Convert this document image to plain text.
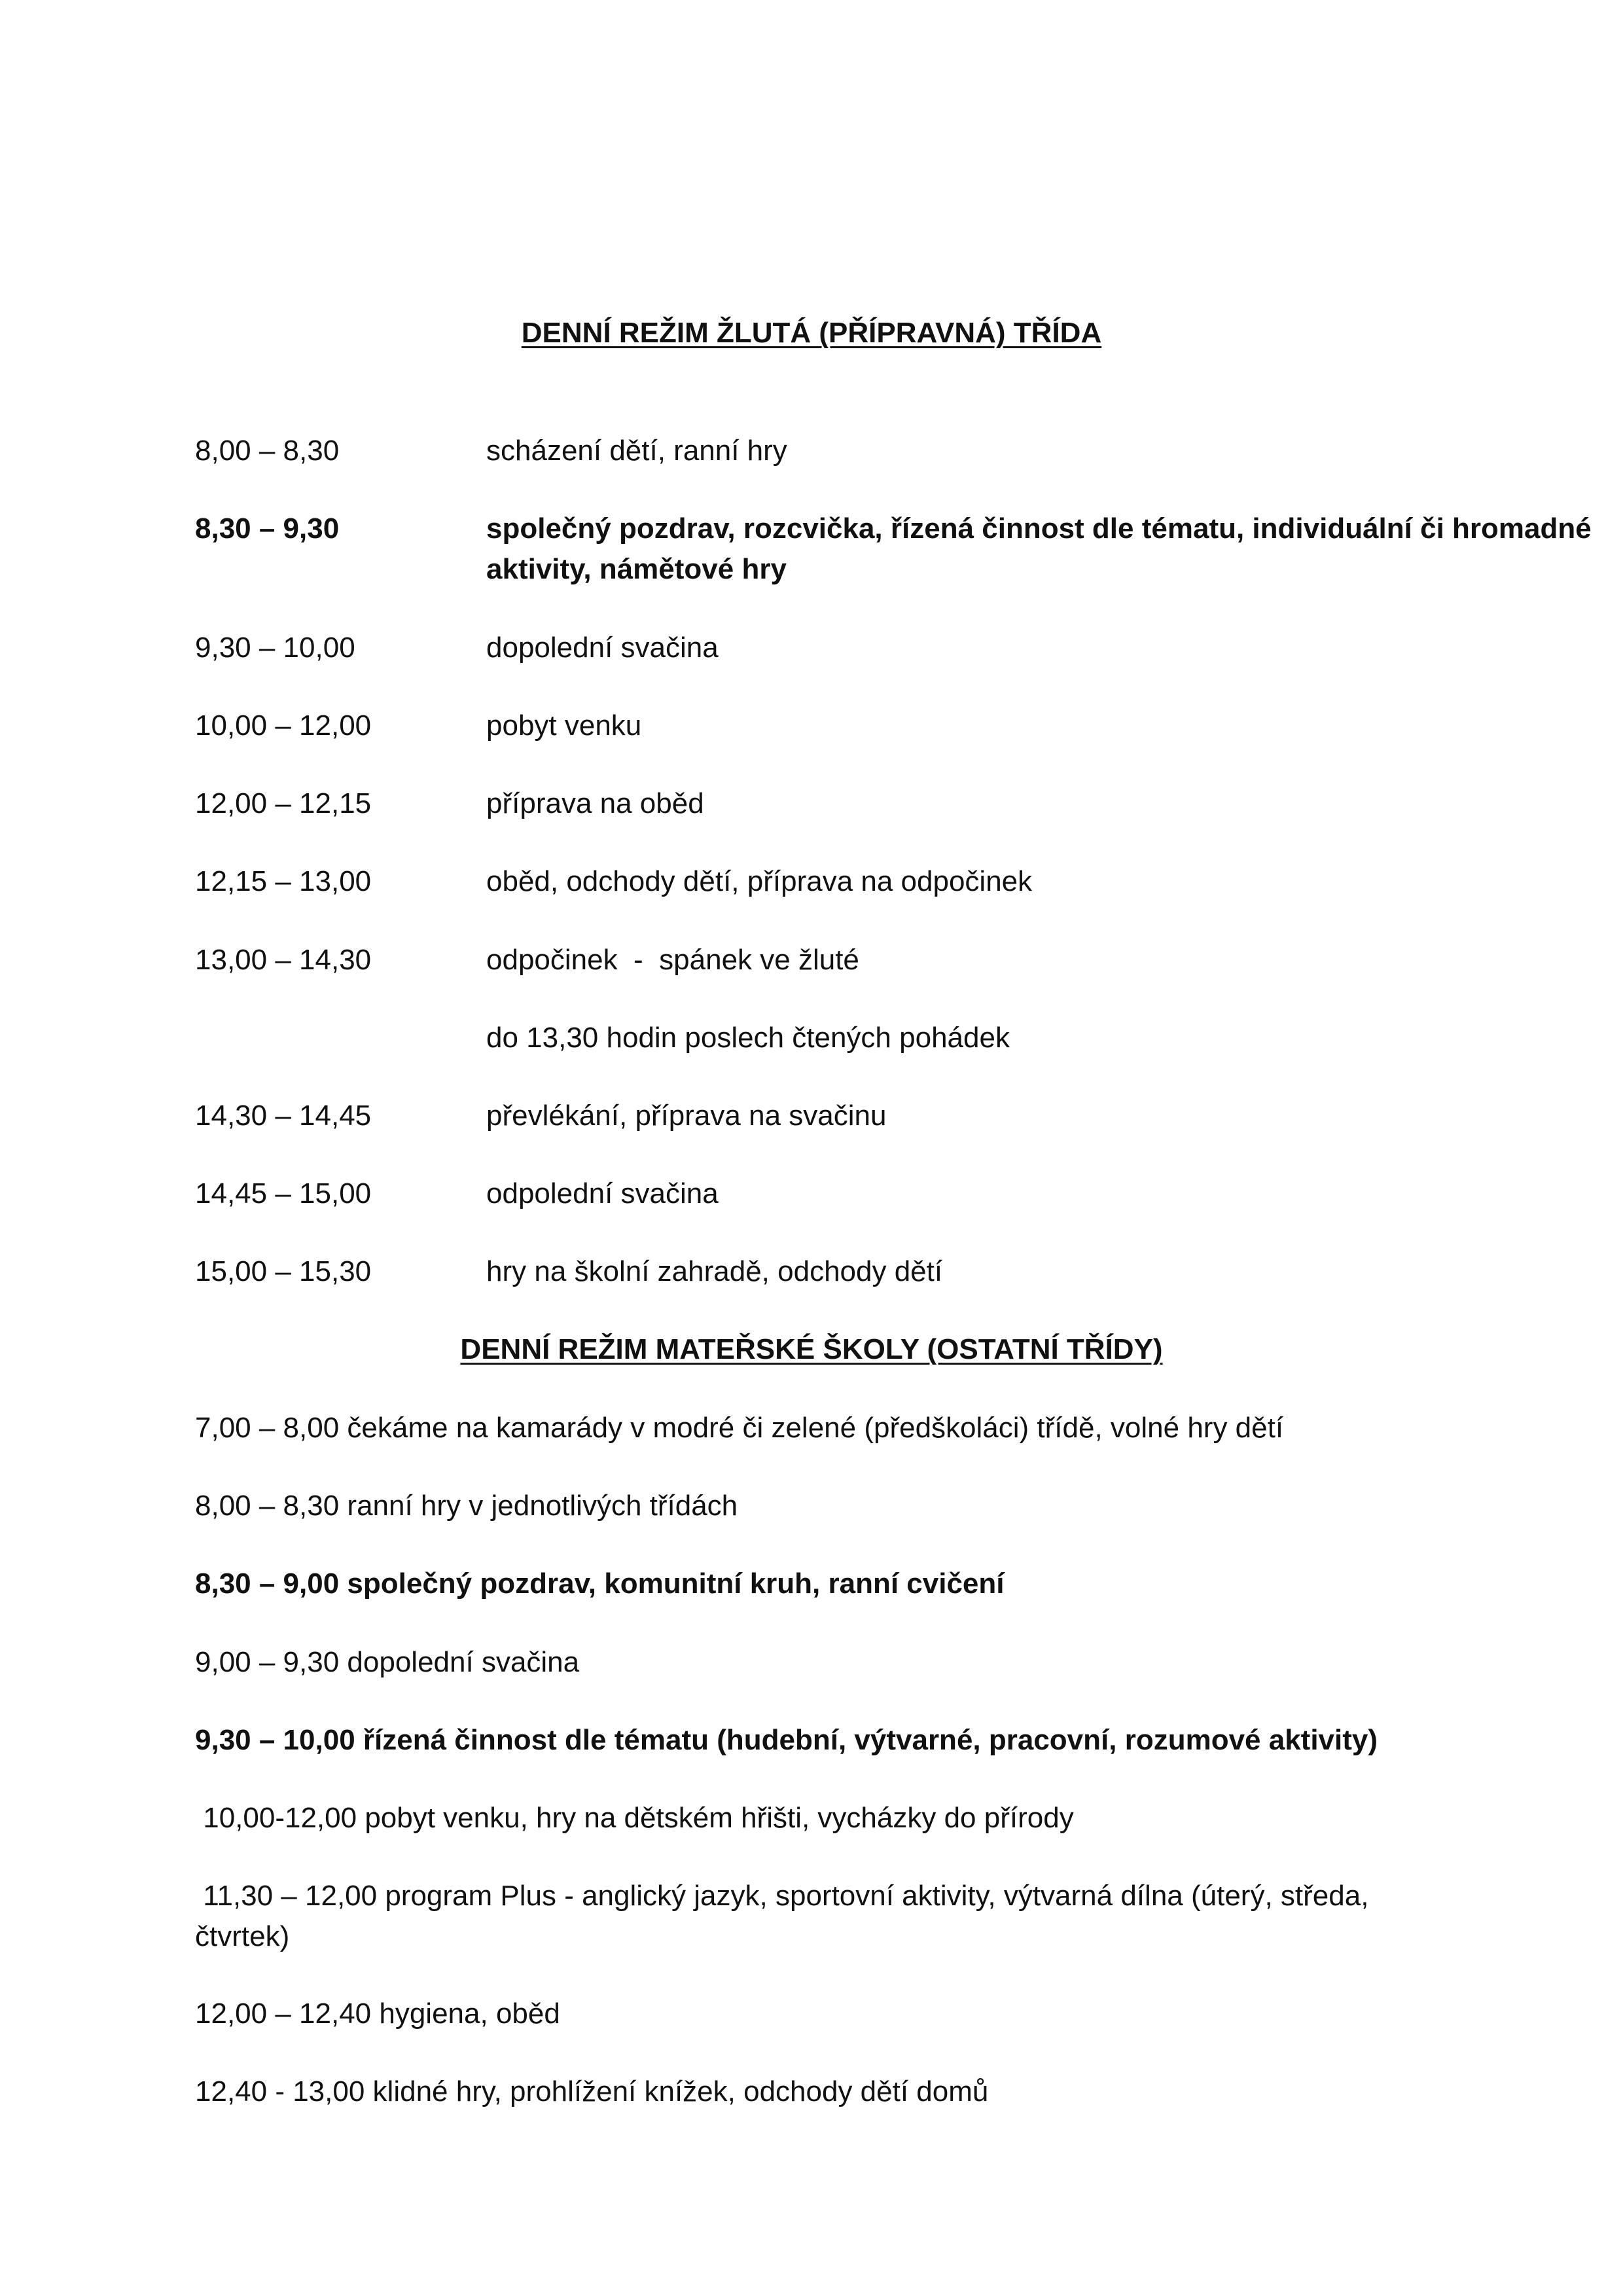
DENNÍ REŽIM ŽLUTÁ (PŘÍPRAVNÁ) TŘÍDA
8,00 – 8,30	scházení dětí, ranní hry
8,30 – 9,30	společný pozdrav, rozcvička, řízená činnost dle tématu, individuální či hromadné aktivity, námětové hry
9,30 – 10,00	dopolední svačina
10,00 – 12,00	pobyt venku
12,00 – 12,15	příprava na oběd
12,15 – 13,00	oběd, odchody dětí, příprava na odpočinek
13,00 – 14,30	odpočinek  -  spánek ve žluté
do 13,30 hodin poslech čtených pohádek
14,30 – 14,45	převlékání, příprava na svačinu
14,45 – 15,00	odpolední svačina
15,00 – 15,30	hry na školní zahradě, odchody dětí
DENNÍ REŽIM MATEŘSKÉ ŠKOLY (OSTATNÍ TŘÍDY)

7,00 – 8,00 čekáme na kamarády v modré či zelené (předškoláci) třídě, volné hry dětí

8,00 – 8,30 ranní hry v jednotlivých třídách

8,30 – 9,00 společný pozdrav, komunitní kruh, ranní cvičení

9,00 – 9,30 dopolední svačina

9,30 – 10,00 řízená činnost dle tématu (hudební, výtvarné, pracovní, rozumové aktivity)

10,00-12,00 pobyt venku, hry na dětském hřišti, vycházky do přírody

11,30 – 12,00 program Plus - anglický jazyk, sportovní aktivity, výtvarná dílna (úterý, středa, čtvrtek)

12,00 – 12,40 hygiena, oběd

12,40 - 13,00 klidné hry, prohlížení knížek, odchody dětí domů
